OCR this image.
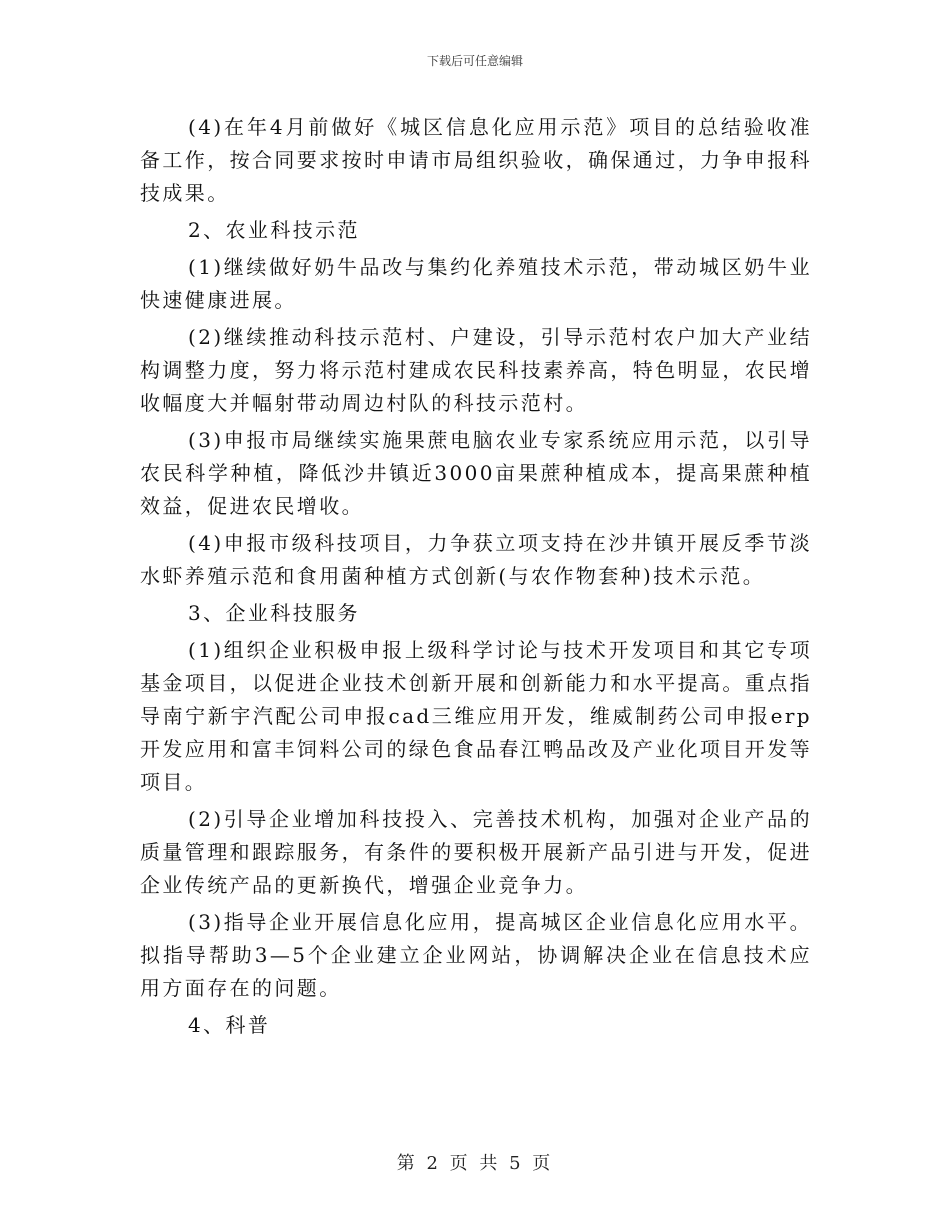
下载后可任意编辑

(4)在年4月前做好《城区信息化应用示范》项目的总结验收准备工作，按合同要求按时申请市局组织验收，确保通过，力争申报科技成果。

2、农业科技示范

(1)继续做好奶牛品改与集约化养殖技术示范，带动城区奶牛业快速健康进展。

(2)继续推动科技示范村、户建设，引导示范村农户加大产业结构调整力度，努力将示范村建成农民科技素养高，特色明显，农民增收幅度大并幅射带动周边村队的科技示范村。

(3)申报市局继续实施果蔗电脑农业专家系统应用示范，以引导农民科学种植，降低沙井镇近3000亩果蔗种植成本，提高果蔗种植效益，促进农民增收。

(4)申报市级科技项目，力争获立项支持在沙井镇开展反季节淡水虾养殖示范和食用菌种植方式创新(与农作物套种)技术示范。

3、企业科技服务

(1)组织企业积极申报上级科学讨论与技术开发项目和其它专项基金项目，以促进企业技术创新开展和创新能力和水平提高。重点指导南宁新宇汽配公司申报cad三维应用开发，维威制药公司申报erp开发应用和富丰饲料公司的绿色食品春江鸭品改及产业化项目开发等项目。

(2)引导企业增加科技投入、完善技术机构，加强对企业产品的质量管理和跟踪服务，有条件的要积极开展新产品引进与开发，促进企业传统产品的更新换代，增强企业竞争力。

(3)指导企业开展信息化应用，提高城区企业信息化应用水平。拟指导帮助3—5个企业建立企业网站，协调解决企业在信息技术应用方面存在的问题。

4、科普

第 2 页 共 5 页
